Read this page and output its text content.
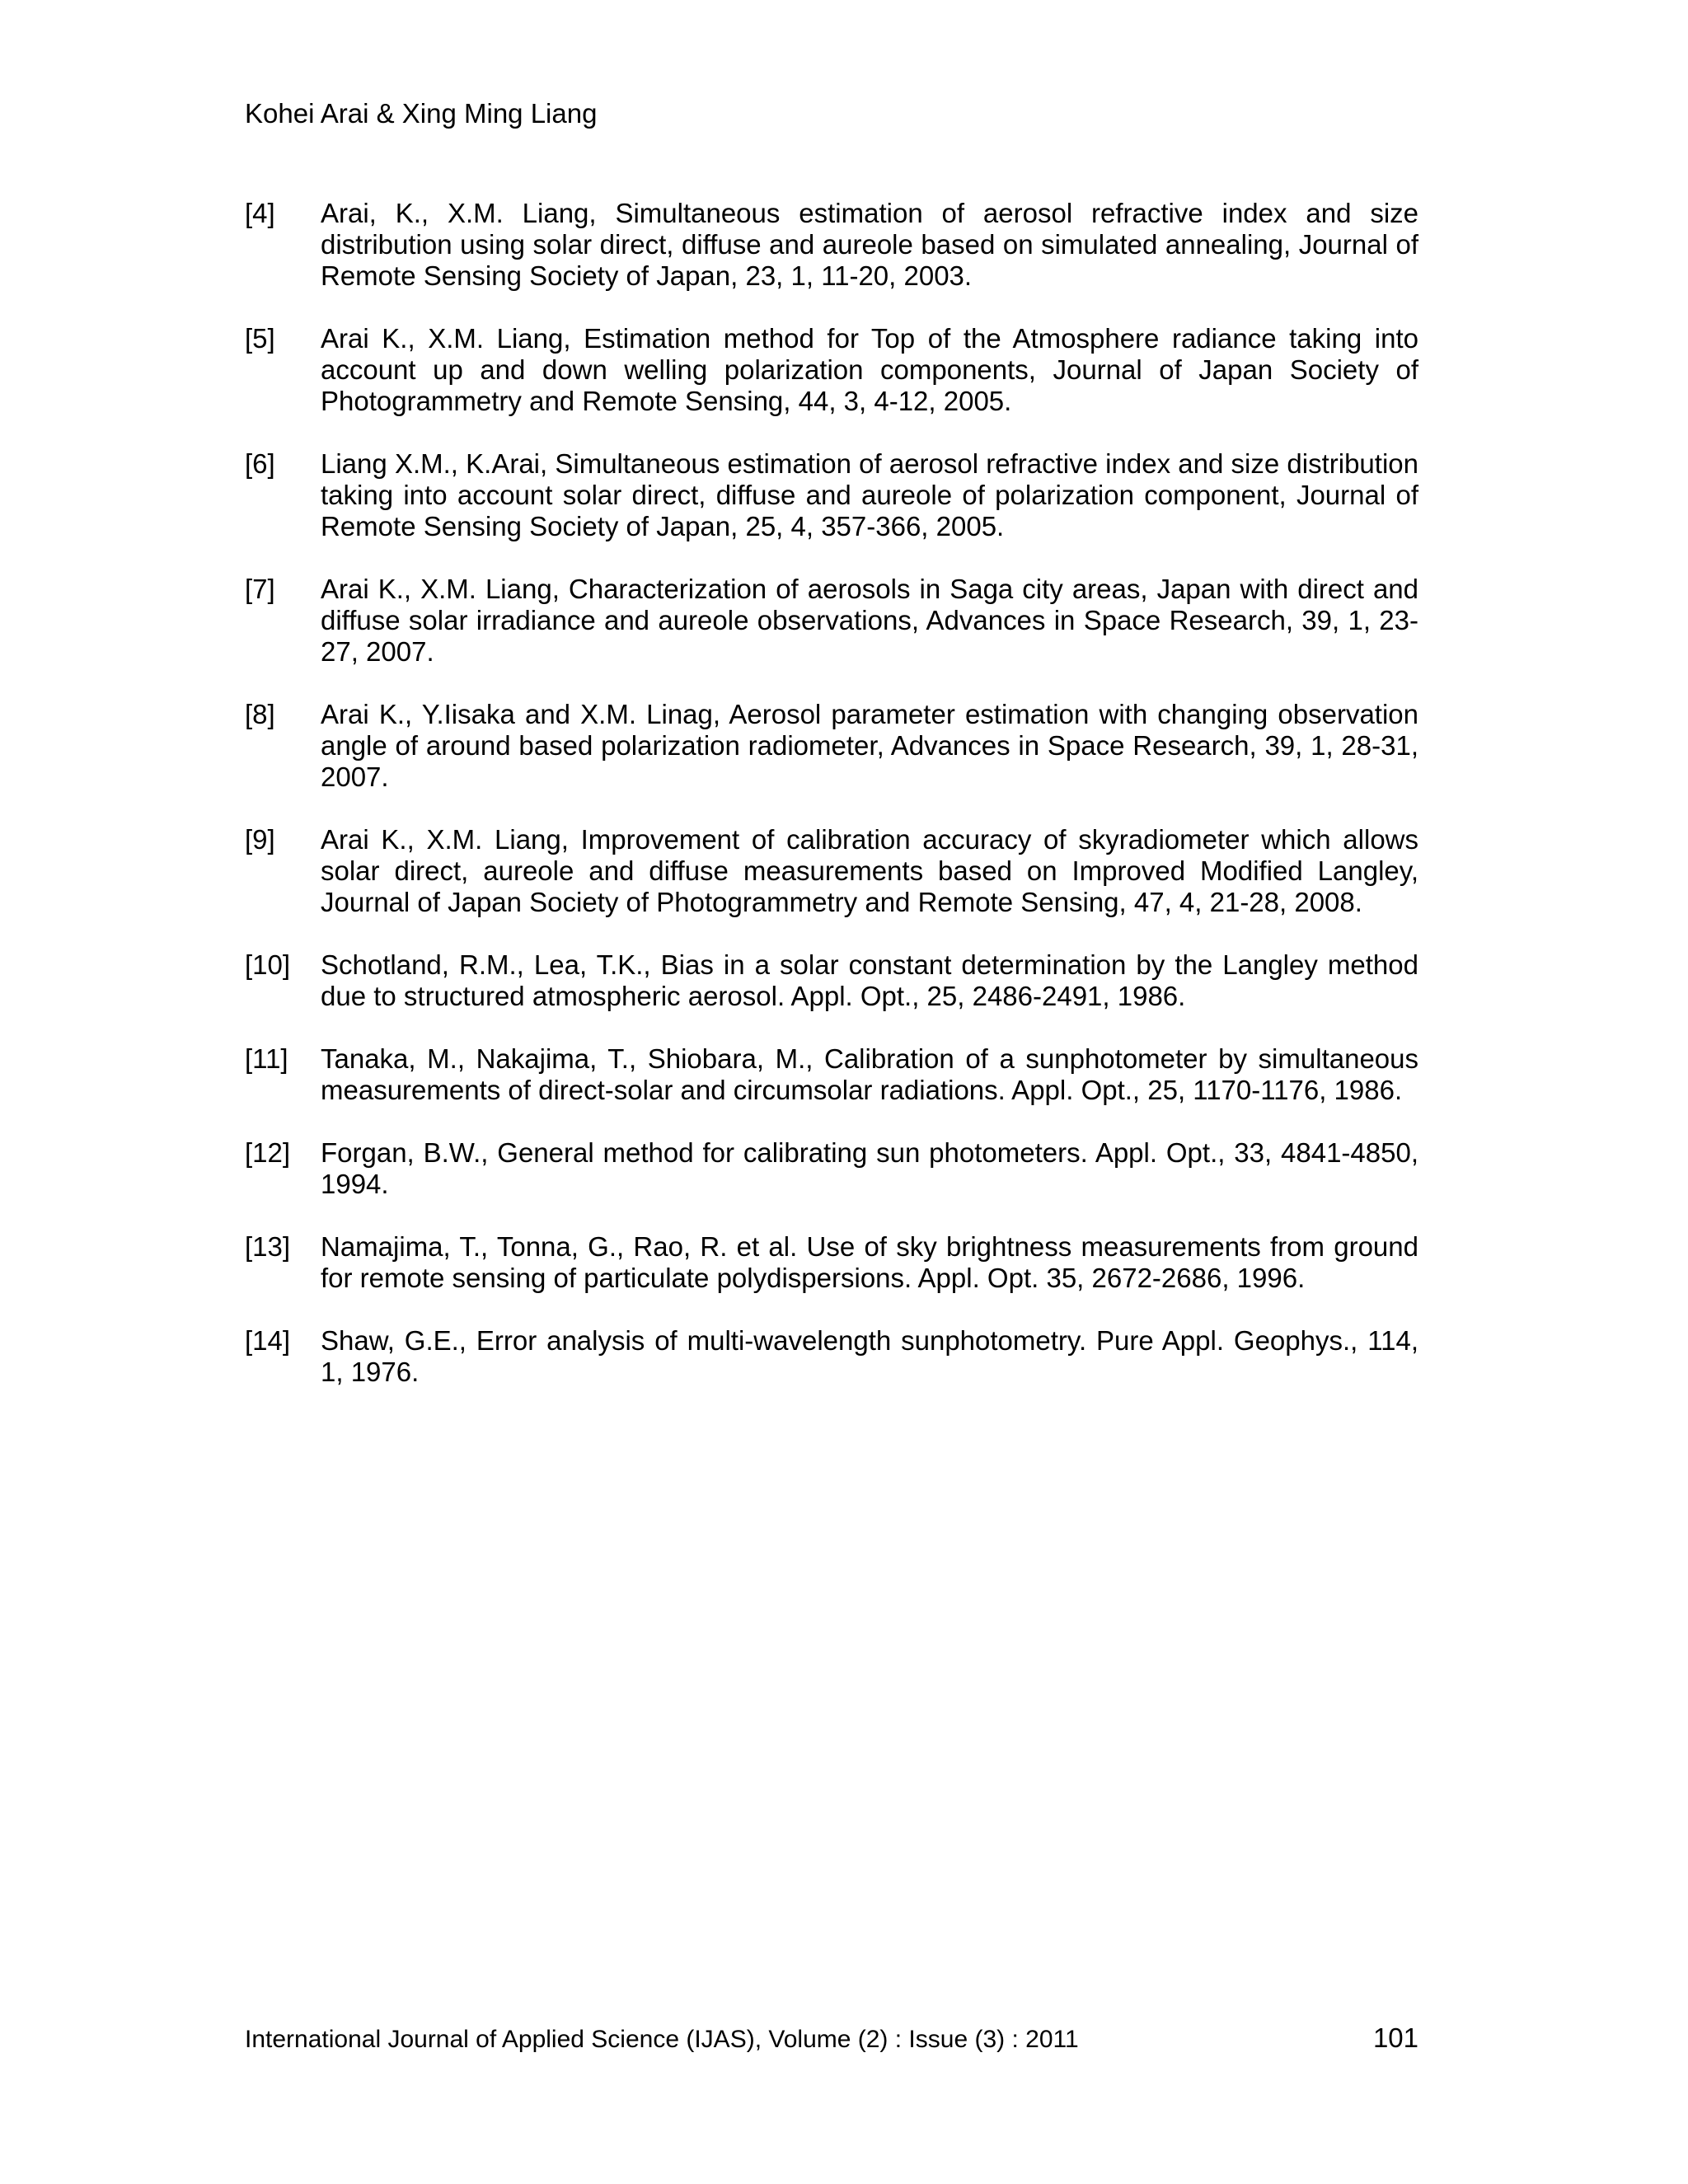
Kohei Arai & Xing Ming Liang
[4] Arai, K., X.M. Liang, Simultaneous estimation of aerosol refractive index and size distribution using solar direct, diffuse and aureole based on simulated annealing, Journal of Remote Sensing Society of Japan, 23, 1, 11-20, 2003.
[5] Arai K., X.M. Liang, Estimation method for Top of the Atmosphere radiance taking into account up and down welling polarization components, Journal of Japan Society of Photogrammetry and Remote Sensing, 44, 3, 4-12, 2005.
[6] Liang X.M., K.Arai, Simultaneous estimation of aerosol refractive index and size distribution taking into account solar direct, diffuse and aureole of polarization component, Journal of Remote Sensing Society of Japan, 25, 4, 357-366, 2005.
[7] Arai K., X.M. Liang, Characterization of aerosols in Saga city areas, Japan with direct and diffuse solar irradiance and aureole observations, Advances in Space Research, 39, 1, 23-27, 2007.
[8] Arai K., Y.Iisaka and X.M. Linag, Aerosol parameter estimation with changing observation angle of around based polarization radiometer, Advances in Space Research, 39, 1, 28-31, 2007.
[9] Arai K., X.M. Liang, Improvement of calibration accuracy of skyradiometer which allows solar direct, aureole and diffuse measurements based on Improved Modified Langley, Journal of Japan Society of Photogrammetry and Remote Sensing, 47, 4, 21-28, 2008.
[10] Schotland, R.M., Lea, T.K., Bias in a solar constant determination by the Langley method due to structured atmospheric aerosol. Appl. Opt., 25, 2486-2491, 1986.
[11] Tanaka, M., Nakajima, T., Shiobara, M., Calibration of a sunphotometer by simultaneous measurements of direct-solar and circumsolar radiations. Appl. Opt., 25, 1170-1176, 1986.
[12] Forgan, B.W., General method for calibrating sun photometers. Appl. Opt., 33, 4841-4850, 1994.
[13] Namajima, T., Tonna, G., Rao, R. et al. Use of sky brightness measurements from ground for remote sensing of particulate polydispersions. Appl. Opt. 35, 2672-2686, 1996.
[14] Shaw, G.E., Error analysis of multi-wavelength sunphotometry. Pure Appl. Geophys., 114, 1, 1976.
International Journal of Applied Science (IJAS), Volume (2) : Issue (3) : 2011	101
